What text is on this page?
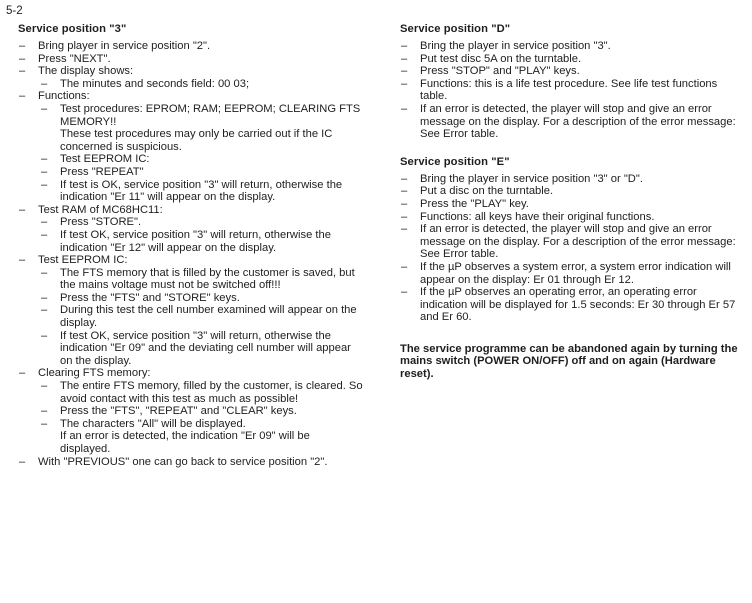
5-2
Service position "3"
– Bring player in service position "2".
– Press "NEXT".
– The display shows:
– The minutes and seconds field: 00 03;
– Functions:
– Test procedures: EPROM; RAM; EEPROM; CLEARING FTS MEMORY!!
These test procedures may only be carried out if the IC concerned is suspicious.
– Test EEPROM IC:
– Press "REPEAT"
– If test is OK, service position "3" will return, otherwise the indication "Er 11" will appear on the display.
– Test RAM of MC68HC11:
– Press "STORE".
– If test OK, service position "3" will return, otherwise the indication "Er 12" will appear on the display.
– Test EEPROM IC:
– The FTS memory that is filled by the customer is saved, but the mains voltage must not be switched off!!!
– Press the "FTS" and "STORE" keys.
– During this test the cell number examined will appear on the display.
– If test OK, service position "3" will return, otherwise the indication "Er 09" and the deviating cell number will appear on the display.
– Clearing FTS memory:
– The entire FTS memory, filled by the customer, is cleared. So avoid contact with this test as much as possible!
– Press the "FTS", "REPEAT" and "CLEAR" keys.
– The characters "All" will be displayed.
If an error is detected, the indication "Er 09" will be displayed.
– With "PREVIOUS" one can go back to service position "2".
Service position "D"
– Bring the player in service position "3".
– Put test disc 5A on the turntable.
– Press "STOP" and "PLAY" keys.
– Functions: this is a life test procedure. See life test functions table.
– If an error is detected, the player will stop and give an error message on the display. For a description of the error message: See Error table.
Service position "E"
– Bring the player in service position "3" or "D".
– Put a disc on the turntable.
– Press the "PLAY" key.
– Functions: all keys have their original functions.
– If an error is detected, the player will stop and give an error message on the display. For a description of the error message: See Error table.
– If the µP observes a system error, a system error indication will appear on the display: Er 01 through Er 12.
– If the µP observes an operating error, an operating error indication will be displayed for 1.5 seconds: Er 30 through Er 57 and Er 60.

The service programme can be abandoned again by turning the mains switch (POWER ON/OFF) off and on again (Hardware reset).
